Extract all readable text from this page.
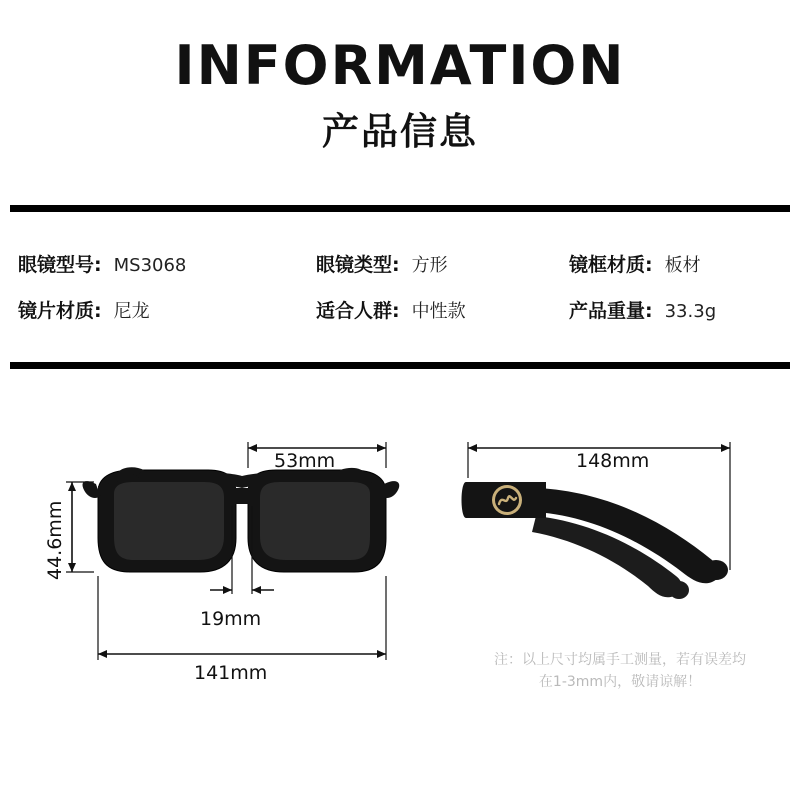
INFORMATION
产品信息
眼镜型号: MS3068	眼镜类型: 方形	镜框材质: 板材
镜片材质: 尼龙	适合人群: 中性款	产品重量: 33.3g
53mm
44.6mm
19mm
141mm
148mm
注：以上尺寸均属手工测量，若有误差均
在1-3mm内，敬请谅解！
